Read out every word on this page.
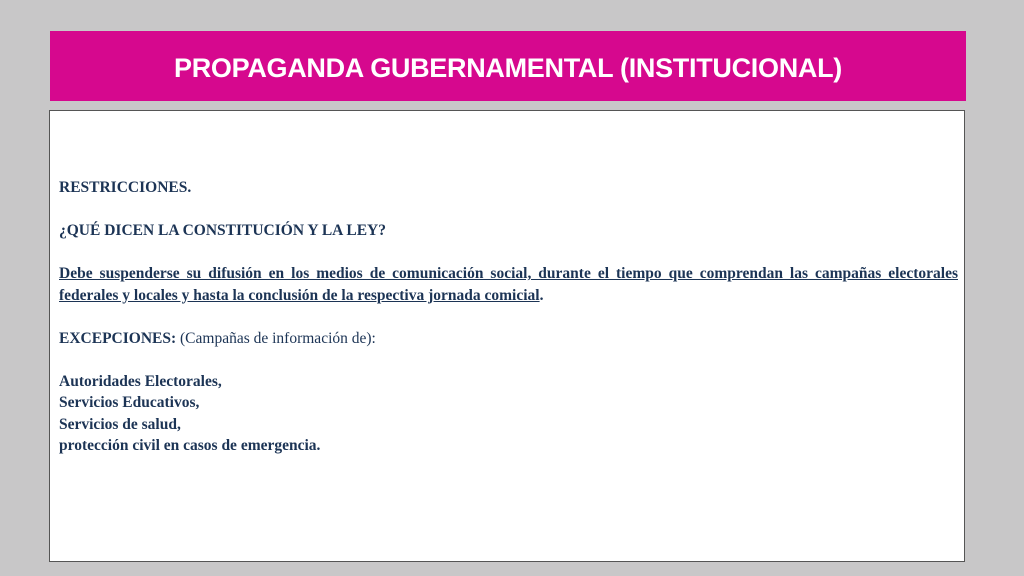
PROPAGANDA GUBERNAMENTAL (INSTITUCIONAL)

RESTRICCIONES.

¿QUÉ DICEN LA CONSTITUCIÓN Y LA LEY?

Debe suspenderse su difusión en los medios de comunicación social, durante el tiempo que comprendan las campañas electorales federales y locales y hasta la conclusión de la respectiva jornada comicial.

EXCEPCIONES: (Campañas de información de):

Autoridades Electorales,

Servicios Educativos,

Servicios de salud,

protección civil en casos de emergencia.
